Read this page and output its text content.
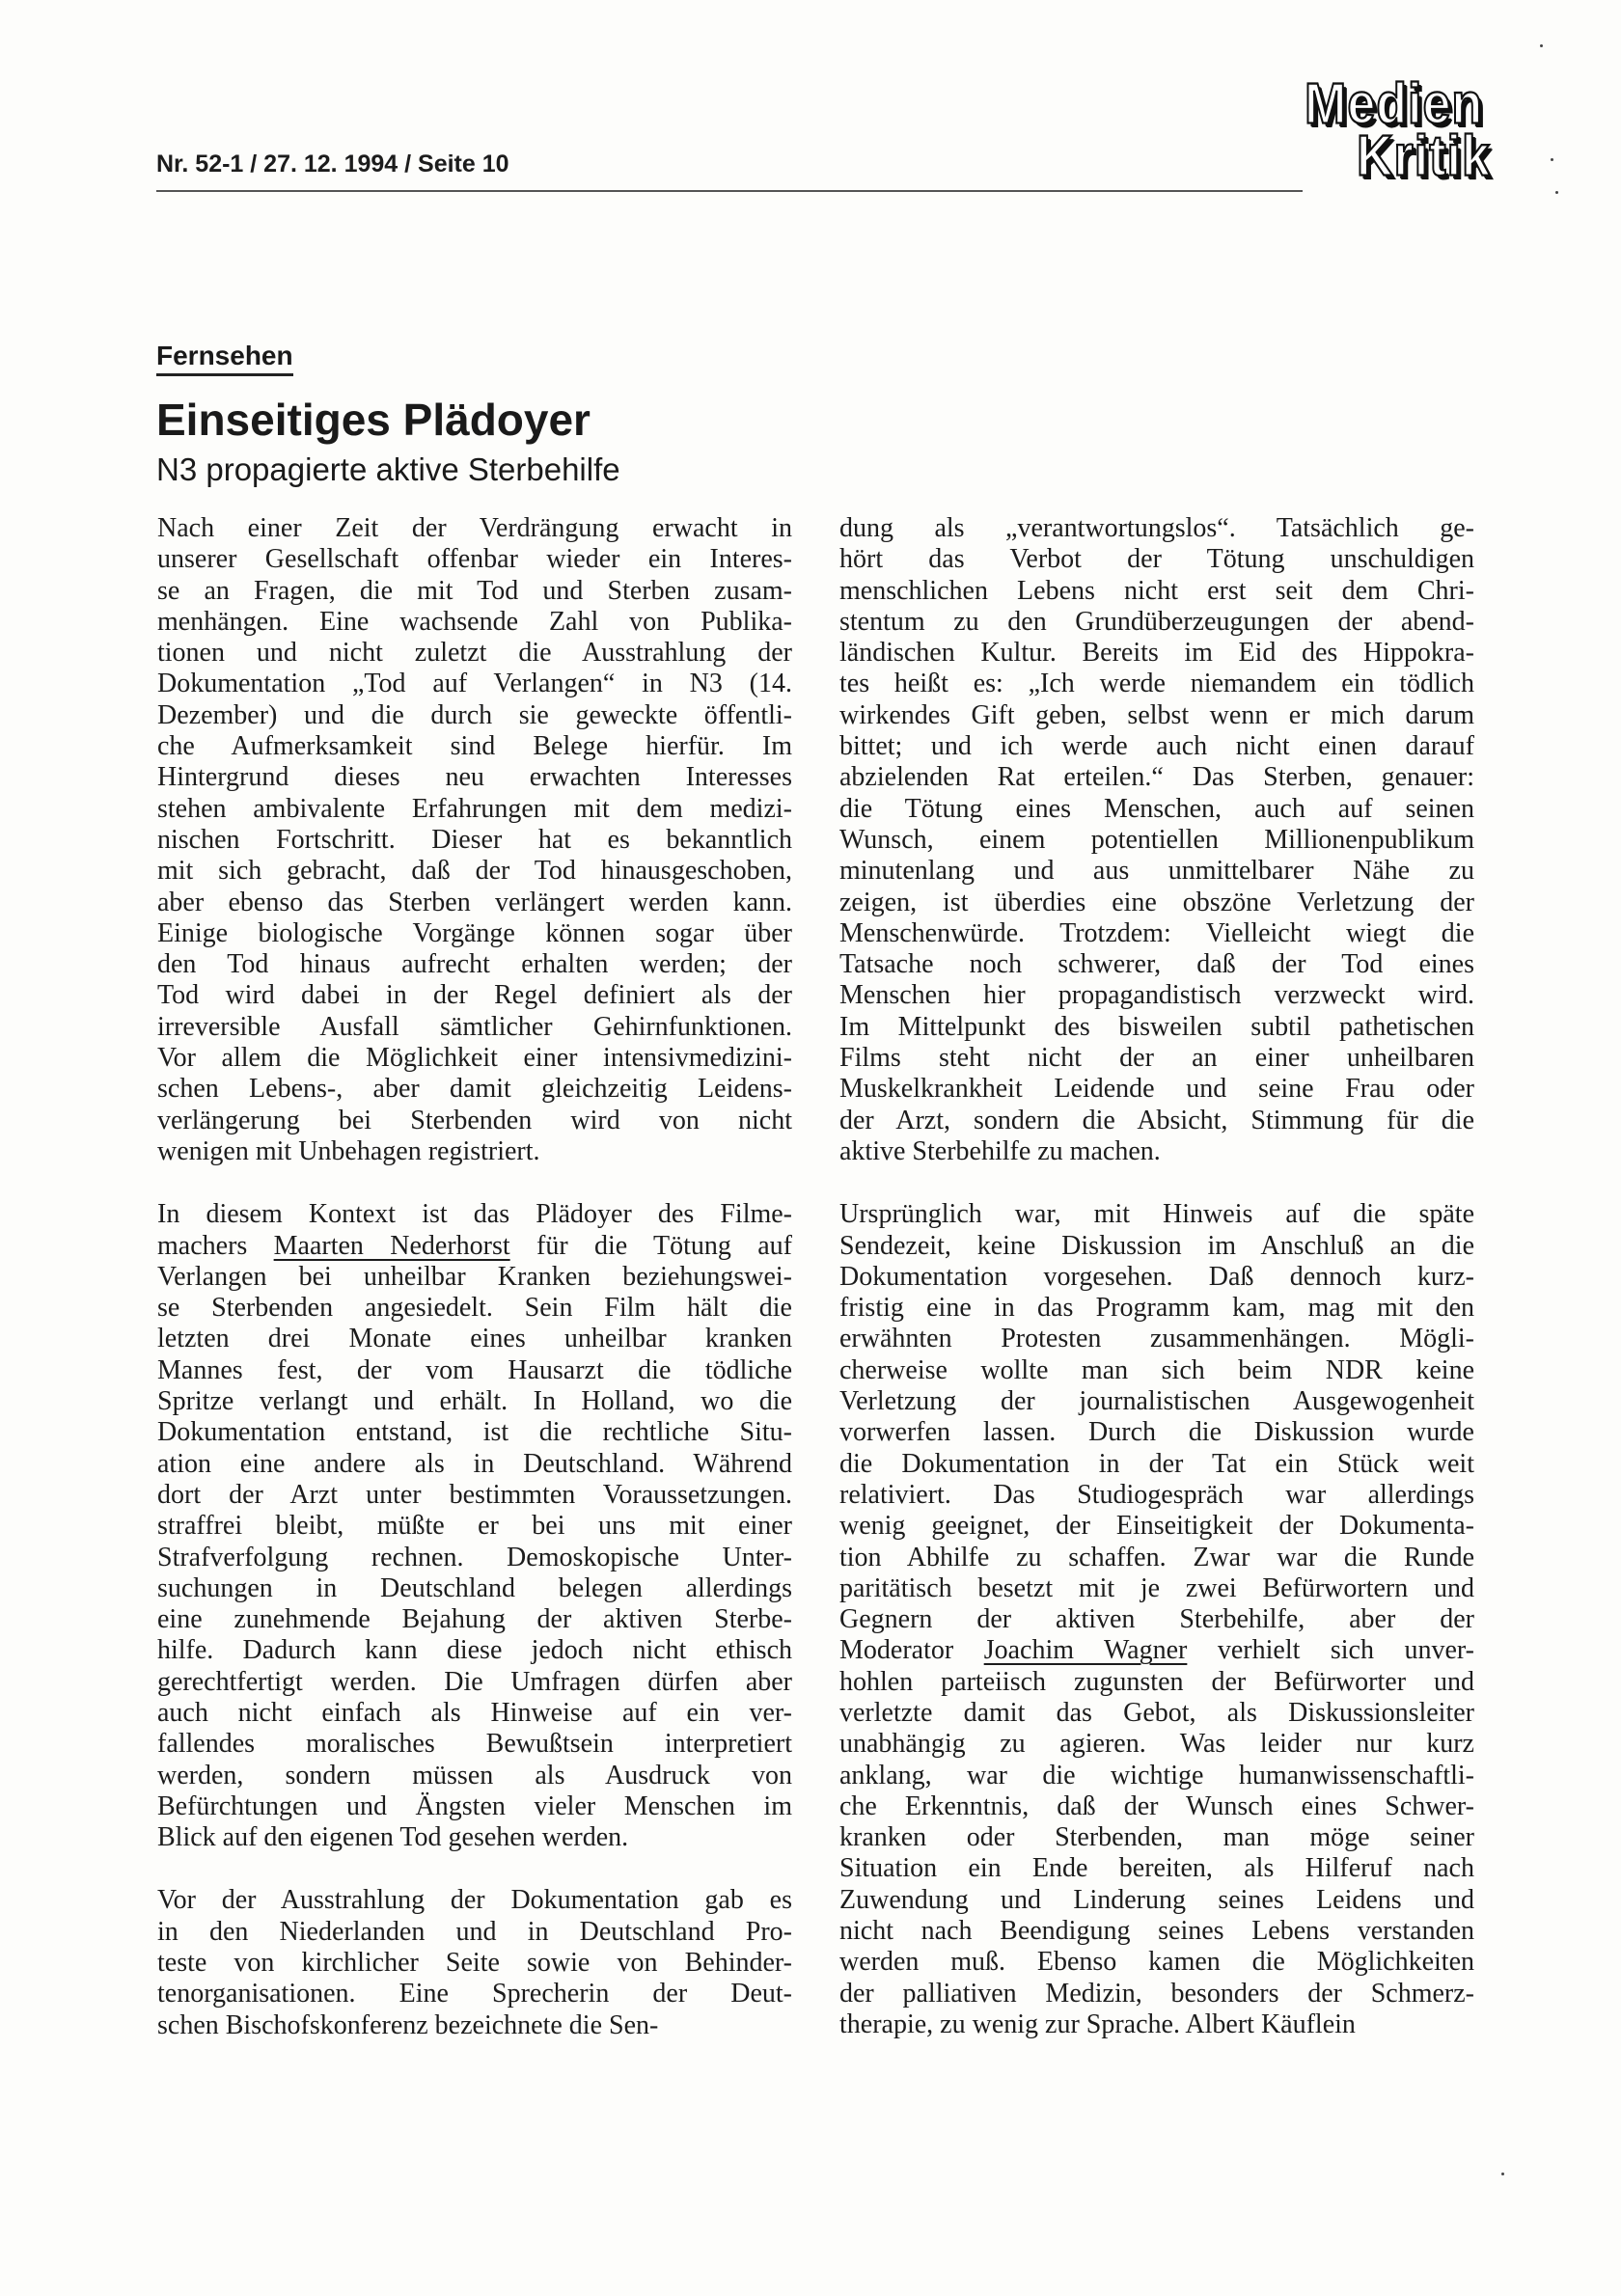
Nr. 52-1 / 27. 12. 1994 / Seite 10
Medien
Kritik
Fernsehen
Einseitiges Plädoyer
N3 propagierte aktive Sterbehilfe
Nach einer Zeit der Verdrängung erwacht in
unserer Gesellschaft offenbar wieder ein Interes-
se an Fragen, die mit Tod und Sterben zusam-
menhängen. Eine wachsende Zahl von Publika-
tionen und nicht zuletzt die Ausstrahlung der
Dokumentation „Tod auf Verlangen“ in N3 (14.
Dezember) und die durch sie geweckte öffentli-
che Aufmerksamkeit sind Belege hierfür. Im
Hintergrund dieses neu erwachten Interesses
stehen ambivalente Erfahrungen mit dem medizi-
nischen Fortschritt. Dieser hat es bekanntlich
mit sich gebracht, daß der Tod hinausgeschoben,
aber ebenso das Sterben verlängert werden kann.
Einige biologische Vorgänge können sogar über
den Tod hinaus aufrecht erhalten werden; der
Tod wird dabei in der Regel definiert als der
irreversible Ausfall sämtlicher Gehirnfunktionen.
Vor allem die Möglichkeit einer intensivmedizini-
schen Lebens-, aber damit gleichzeitig Leidens-
verlängerung bei Sterbenden wird von nicht
wenigen mit Unbehagen registriert.
In diesem Kontext ist das Plädoyer des Filme-
machers Maarten Nederhorst für die Tötung auf
Verlangen bei unheilbar Kranken beziehungswei-
se Sterbenden angesiedelt. Sein Film hält die
letzten drei Monate eines unheilbar kranken
Mannes fest, der vom Hausarzt die tödliche
Spritze verlangt und erhält. In Holland, wo die
Dokumentation entstand, ist die rechtliche Situ-
ation eine andere als in Deutschland. Während
dort der Arzt unter bestimmten Voraussetzungen.
straffrei bleibt, müßte er bei uns mit einer
Strafverfolgung rechnen. Demoskopische Unter-
suchungen in Deutschland belegen allerdings
eine zunehmende Bejahung der aktiven Sterbe-
hilfe. Dadurch kann diese jedoch nicht ethisch
gerechtfertigt werden. Die Umfragen dürfen aber
auch nicht einfach als Hinweise auf ein ver-
fallendes moralisches Bewußtsein interpretiert
werden, sondern müssen als Ausdruck von
Befürchtungen und Ängsten vieler Menschen im
Blick auf den eigenen Tod gesehen werden.
Vor der Ausstrahlung der Dokumentation gab es
in den Niederlanden und in Deutschland Pro-
teste von kirchlicher Seite sowie von Behinder-
tenorganisationen. Eine Sprecherin der Deut-
schen Bischofskonferenz bezeichnete die Sen-
dung als „verantwortungslos“. Tatsächlich ge-
hört das Verbot der Tötung unschuldigen
menschlichen Lebens nicht erst seit dem Chri-
stentum zu den Grundüberzeugungen der abend-
ländischen Kultur. Bereits im Eid des Hippokra-
tes heißt es: „Ich werde niemandem ein tödlich
wirkendes Gift geben, selbst wenn er mich darum
bittet; und ich werde auch nicht einen darauf
abzielenden Rat erteilen.“ Das Sterben, genauer:
die Tötung eines Menschen, auch auf seinen
Wunsch, einem potentiellen Millionenpublikum
minutenlang und aus unmittelbarer Nähe zu
zeigen, ist überdies eine obszöne Verletzung der
Menschenwürde. Trotzdem: Vielleicht wiegt die
Tatsache noch schwerer, daß der Tod eines
Menschen hier propagandistisch verzweckt wird.
Im Mittelpunkt des bisweilen subtil pathetischen
Films steht nicht der an einer unheilbaren
Muskelkrankheit Leidende und seine Frau oder
der Arzt, sondern die Absicht, Stimmung für die
aktive Sterbehilfe zu machen.
Ursprünglich war, mit Hinweis auf die späte
Sendezeit, keine Diskussion im Anschluß an die
Dokumentation vorgesehen. Daß dennoch kurz-
fristig eine in das Programm kam, mag mit den
erwähnten Protesten zusammenhängen. Mögli-
cherweise wollte man sich beim NDR keine
Verletzung der journalistischen Ausgewogenheit
vorwerfen lassen. Durch die Diskussion wurde
die Dokumentation in der Tat ein Stück weit
relativiert. Das Studiogespräch war allerdings
wenig geeignet, der Einseitigkeit der Dokumenta-
tion Abhilfe zu schaffen. Zwar war die Runde
paritätisch besetzt mit je zwei Befürwortern und
Gegnern der aktiven Sterbehilfe, aber der
Moderator Joachim Wagner verhielt sich unver-
hohlen parteiisch zugunsten der Befürworter und
verletzte damit das Gebot, als Diskussionsleiter
unabhängig zu agieren. Was leider nur kurz
anklang, war die wichtige humanwissenschaftli-
che Erkenntnis, daß der Wunsch eines Schwer-
kranken oder Sterbenden, man möge seiner
Situation ein Ende bereiten, als Hilferuf nach
Zuwendung und Linderung seines Leidens und
nicht nach Beendigung seines Lebens verstanden
werden muß. Ebenso kamen die Möglichkeiten
der palliativen Medizin, besonders der Schmerz-
therapie, zu wenig zur Sprache. Albert Käuflein
